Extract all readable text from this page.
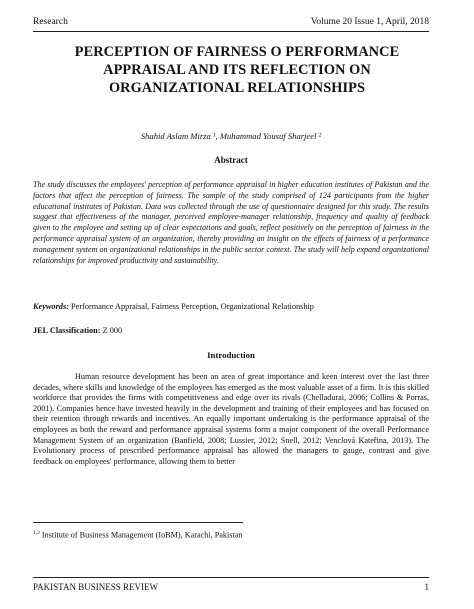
Research	Volume 20 Issue 1, April, 2018
PERCEPTION OF FAIRNESS O PERFORMANCE APPRAISAL AND ITS REFLECTION ON ORGANIZATIONAL RELATIONSHIPS
Shahid Aslam Mirza ¹, Muhammad Yousuf Sharjeel ²
Abstract
The study discusses the employees' perception of performance appraisal in higher education institutes of Pakistan and the factors that affect the perception of fairness. The sample of the study comprised of 124 participants from the higher educational institutes of Pakistan. Data was collected through the use of questionnaire designed for this study. The results suggest that effectiveness of the manager, perceived employee-manager relationship, frequency and quality of feedback given to the employee and setting up of clear expectations and goals, reflect positively on the perception of fairness in the performance appraisal system of an organization, thereby providing an insight on the effects of fairness of a performance management system on organizational relationships in the public sector context. The study will help expand organizational relationships for improved productivity and sustainability.
Keywords: Performance Appraisal, Fairness Perception, Organizational Relationship
JEL Classification: Z 000
Introduction
Human resource development has been an area of great importance and keen interest over the last three decades, where skills and knowledge of the employees has emerged as the most valuable asset of a firm. It is this skilled workforce that provides the firms with competitiveness and edge over its rivals (Chelladurai, 2006; Collins & Porras, 2001). Companies hence have invested heavily in the development and training of their employees and has focused on their retention through rewards and incentives. An equally important undertaking is the performance appraisal of the employees as both the reward and performance appraisal systems form a major component of the overall Performance Management System of an organization (Banfield, 2008; Lussier, 2012; Snell, 2012; Venclová Kateřina, 2013). The Evolutionary process of prescribed performance appraisal has allowed the managers to gauge, contrast and give feedback on employees' performance, allowing them to better
$^{1,2}$ Institute of Business Management (IoBM), Karachi, Pakistan
PAKISTAN BUSINESS REVIEW	1
